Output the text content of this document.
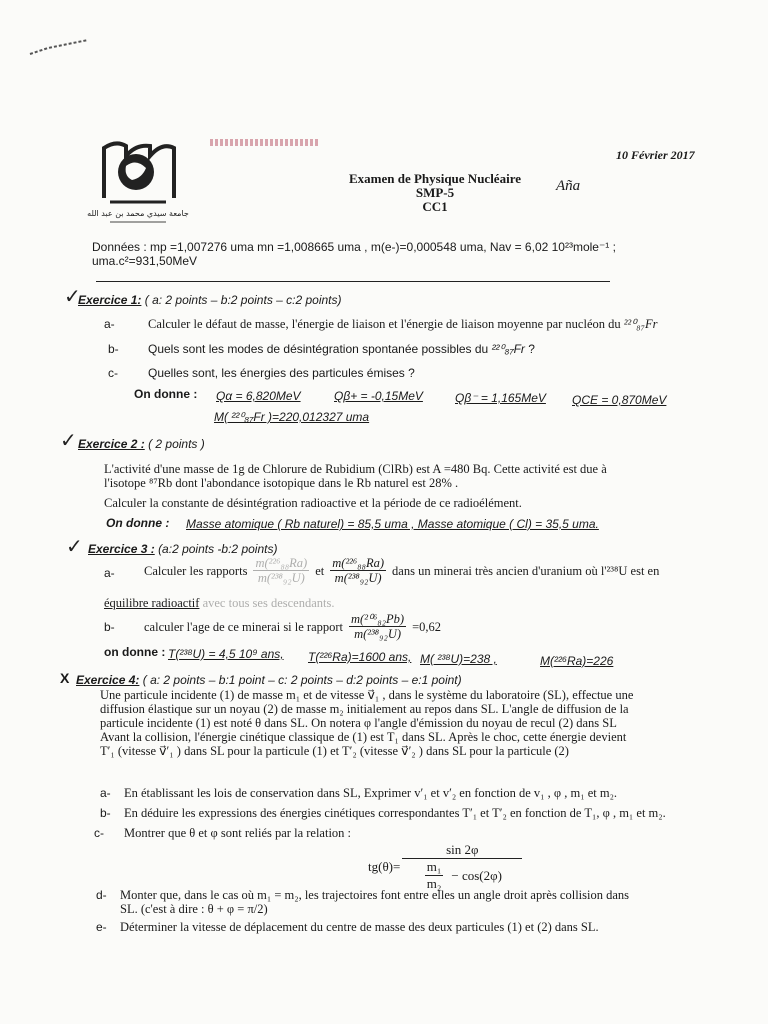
جامعة سيدي محمد بن عبد الله
10 Février 2017
Examen de Physique Nucléaire
SMP-5
CC1
Aña
Données : mp =1,007276 uma mn =1,008665 uma , m(e-)=0,000548 uma, Nav = 6,02 10²³mole⁻¹ ;
uma.c²=931,50MeV
✓
Exercice 1: ( a: 2 points – b:2 points – c:2 points)
a-	Calculer le défaut de masse, l'énergie de liaison et l'énergie de liaison moyenne par nucléon du ²²⁰₈₇Fr
b- Quels sont les modes de désintégration spontanée possibles du ²²⁰₈₇Fr ?
c-	Quelles sont, les énergies des particules émises ?
On donne : Qα = 6,820MeV	Qβ+ = -0,15MeV	Qβ⁻ = 1,165MeV QCE = 0,870MeV
M( ²²⁰₈₇Fr )=220,012327 uma
✓ Exercice 2 : ( 2 points )
L'activité d'une masse de 1g de Chlorure de Rubidium (ClRb) est A =480 Bq. Cette activité est due à
l'isotope ⁸⁷Rb dont l'abondance isotopique dans le Rb naturel est 28% .
Calculer la constante de désintégration radioactive et la période de ce radioélément.
On donne : Masse atomique ( Rb naturel) = 85,5 uma , Masse atomique ( Cl) = 35,5 uma.
✓ Exercice 3 : (a:2 points -b:2 points)
a- Calculer les rapports $\frac{\text{m(²²⁶₈₈Ra)}}{\text{m(²³⁸₉₂U)}}$ et $\frac{\text{m(²²⁶₈₈Ra)}}{\text{m(²³⁸₉₂U)}}$ dans un minerai très ancien d'uranium où l'²³⁸U est en
équilibre radioactif avec tous ses descendants.
b- calculer l'age de ce minerai si le rapport $\frac{\text{m(²⁰⁶₈₂Pb)}}{\text{m(²³⁸₉₂U)}} =0,62$
on donne : T(²³⁸U) = 4,5 10⁹ ans, T(²²⁶Ra)=1600 ans, M( ²³⁸U)=238 ,	M(²²⁶Ra)=226
X Exercice 4: ( a: 2 points – b:1 point – c: 2 points – d:2 points – e:1 point)
Une particule incidente (1) de masse m₁ et de vitesse v⃗₁ , dans le système du laboratoire (SL), effectue une
diffusion élastique sur un noyau (2) de masse m₂ initialement au repos dans SL. L'angle de diffusion de la
particule incidente (1) est noté θ dans SL. On notera φ l'angle d'émission du noyau de recul (2) dans SL
Avant la collision, l'énergie cinétique classique de (1) est T₁ dans SL. Après le choc, cette énergie devient
T′₁ (vitesse v⃗′₁ ) dans SL pour la particule (1) et T′₂ (vitesse v⃗′₂ ) dans SL pour la particule (2)
a- En établissant les lois de conservation dans SL, Exprimer v′₁ et v′₂ en fonction de v₁ , φ , m₁ et m₂.
b- En déduire les expressions des énergies cinétiques correspondantes T′₁ et T′₂ en fonction de T₁, φ , m₁ et m₂.
c- Montrer que θ et φ sont reliés par la relation :
$tg(\theta)= \frac{\sin 2\varphi}{\frac{\text{m₁}}{\text{m₂}} - \cos(2\varphi)}$
d- Monter que, dans le cas où m₁ = m₂, les trajectoires font entre elles un angle droit après collision dans
SL. (c'est à dire : θ + φ = π/2)
e- Déterminer la vitesse de déplacement du centre de masse des deux particules (1) et (2) dans SL.
